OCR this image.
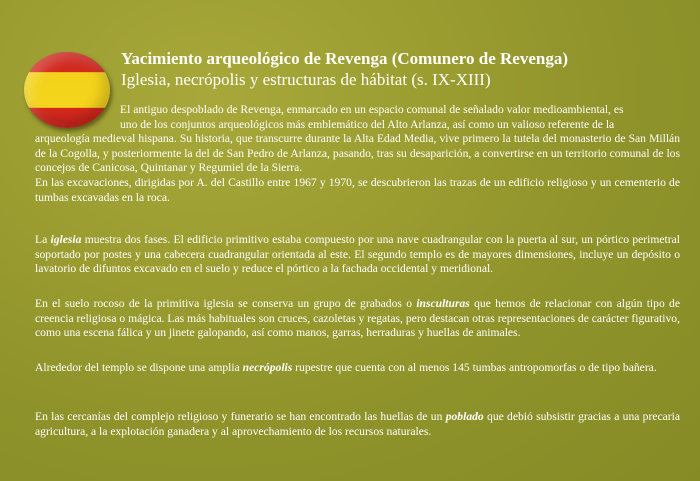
Yacimiento arqueológico de Revenga (Comunero de Revenga)
Iglesia, necrópolis y estructuras de hábitat (s. IX-XIII)
El antiguo despoblado de Revenga, enmarcado en un espacio comunal de señalado valor medioambiental, es
uno de los conjuntos arqueológicos más emblemático del Alto Arlanza, así como un valioso referente de la
arqueología medieval hispana. Su historia, que transcurre durante la Alta Edad Media, vive primero la tutela del monasterio de San Millán de la Cogolla, y posteriormente la del de San Pedro de Arlanza, pasando, tras su desaparición, a convertirse en un territorio comunal de los concejos de Canicosa, Quintanar y Regumiel de la Sierra.
En las excavaciones, dirigidas por A. del Castillo entre 1967 y 1970, se descubrieron las trazas de un edificio religioso y un cementerio de tumbas excavadas en la roca.
La iglesia muestra dos fases. El edificio primitivo estaba compuesto por una nave cuadrangular con la puerta al sur, un pórtico perimetral soportado por postes y una cabecera cuadrangular orientada al este. El segundo templo es de mayores dimensiones, incluye un depósito o lavatorio de difuntos excavado en el suelo y reduce el pórtico a la fachada occidental y meridional.
En el suelo rocoso de la primitiva iglesia se conserva un grupo de grabados o insculturas que hemos de relacionar con algún tipo de creencia religiosa o mágica. Las más habituales son cruces, cazoletas y regatas, pero destacan otras representaciones de carácter figurativo, como una escena fálica y un jinete galopando, así como manos, garras, herraduras y huellas de animales.
Alrededor del templo se dispone una amplia necrópolis rupestre que cuenta con al menos 145 tumbas antropomorfas o de tipo bañera.
En las cercanías del complejo religioso y funerario se han encontrado las huellas de un poblado que debió subsistir gracias a una precaria agricultura, a la explotación ganadera y al aprovechamiento de los recursos naturales.
